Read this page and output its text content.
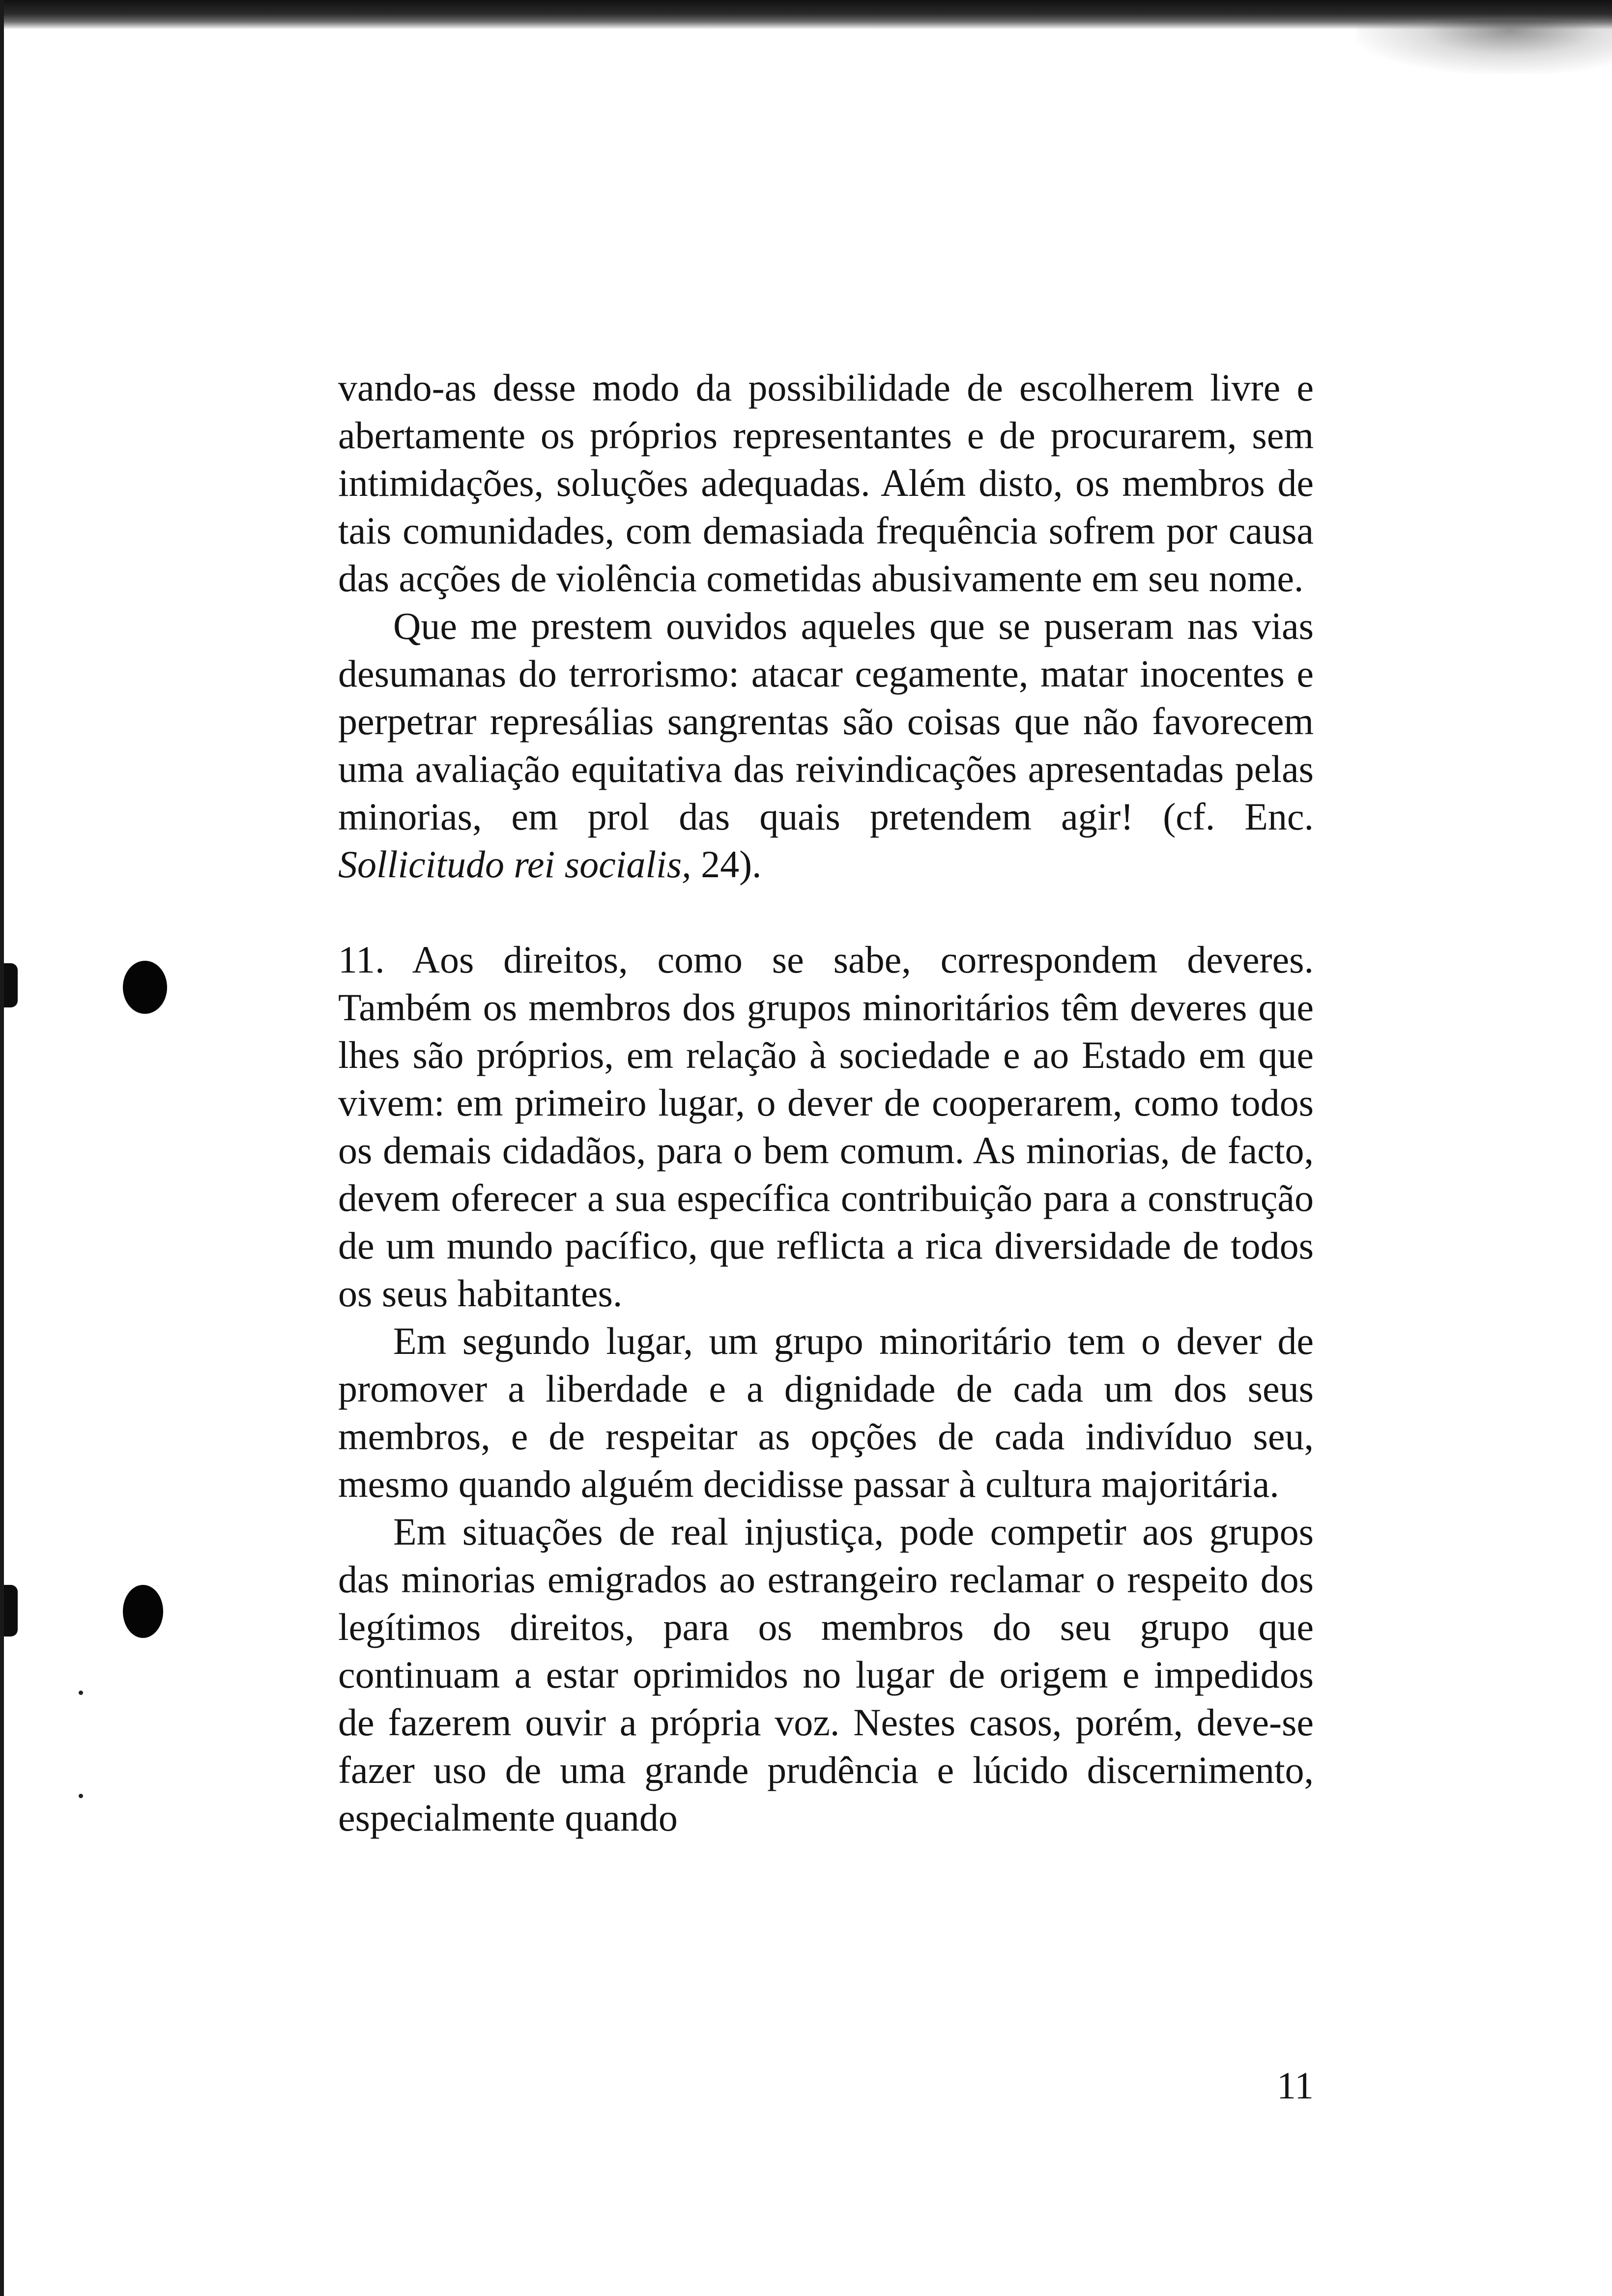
vando-as desse modo da possibilidade de escolherem livre e abertamente os próprios representantes e de procurarem, sem intimidações, soluções adequadas. Além disto, os membros de tais comunidades, com demasiada frequência sofrem por causa das acções de violência cometidas abusivamente em seu nome.

Que me prestem ouvidos aqueles que se puseram nas vias desumanas do terrorismo: atacar cegamente, matar inocentes e perpetrar represálias sangrentas são coisas que não favorecem uma avaliação equitativa das reivindicações apresentadas pelas minorias, em prol das quais pretendem agir! (cf. Enc. Sollicitudo rei socialis, 24).

11. Aos direitos, como se sabe, correspondem deveres. Também os membros dos grupos minoritários têm deveres que lhes são próprios, em relação à sociedade e ao Estado em que vivem: em primeiro lugar, o dever de cooperarem, como todos os demais cidadãos, para o bem comum. As minorias, de facto, devem oferecer a sua específica contribuição para a construção de um mundo pacífico, que reflicta a rica diversidade de todos os seus habitantes.

Em segundo lugar, um grupo minoritário tem o dever de promover a liberdade e a dignidade de cada um dos seus membros, e de respeitar as opções de cada indivíduo seu, mesmo quando alguém decidisse passar à cultura majoritária.

Em situações de real injustiça, pode competir aos grupos das minorias emigrados ao estrangeiro reclamar o respeito dos legítimos direitos, para os membros do seu grupo que continuam a estar oprimidos no lugar de origem e impedidos de fazerem ouvir a própria voz. Nestes casos, porém, deve-se fazer uso de uma grande prudência e lúcido discernimento, especialmente quando

11
